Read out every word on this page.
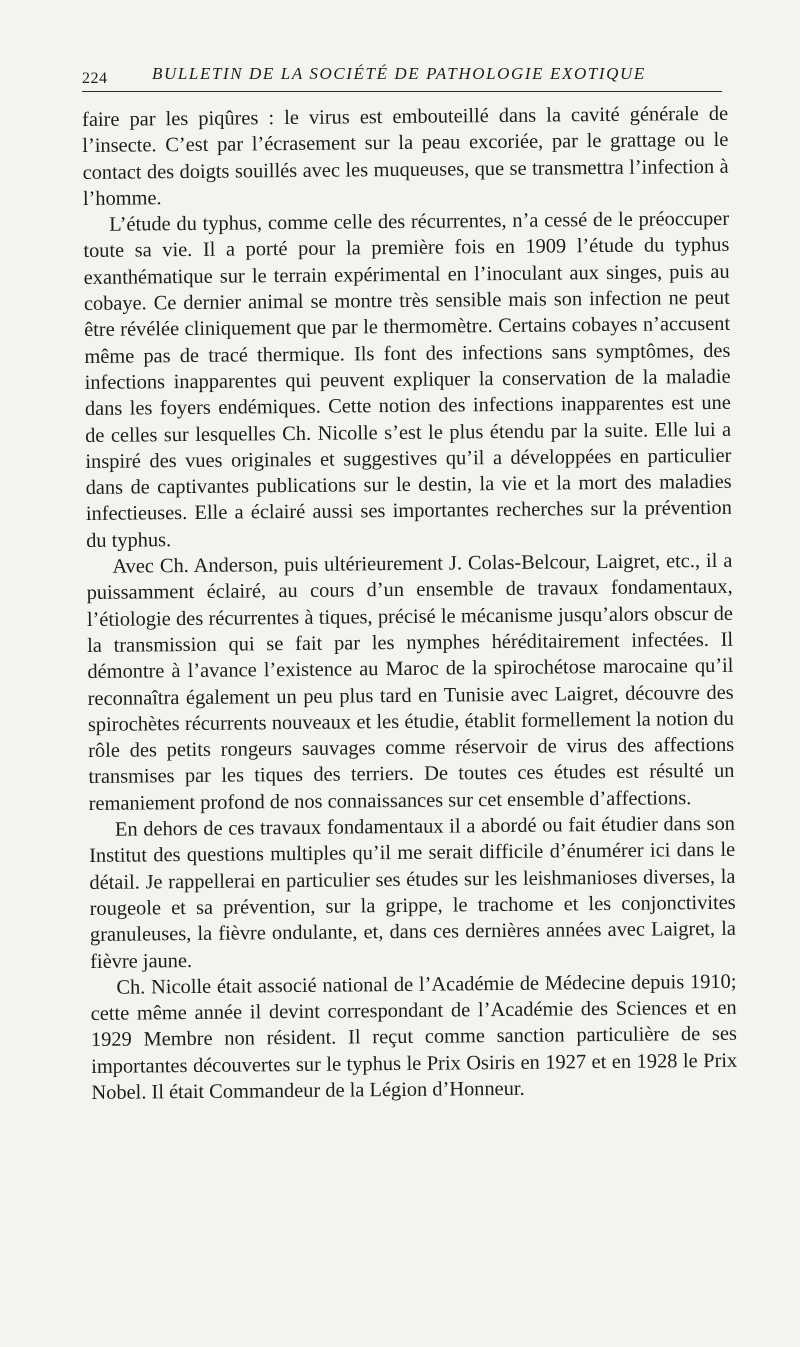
224	BULLETIN DE LA SOCIÉTÉ DE PATHOLOGIE EXOTIQUE

faire par les piqûres : le virus est embouteillé dans la cavité générale de l’insecte. C’est par l’écrasement sur la peau excoriée, par le grattage ou le contact des doigts souillés avec les muqueuses, que se transmettra l’infection à l’homme.

L’étude du typhus, comme celle des récurrentes, n’a cessé de le préoccuper toute sa vie. Il a porté pour la première fois en 1909 l’étude du typhus exanthématique sur le terrain expérimental en l’inoculant aux singes, puis au cobaye. Ce dernier animal se montre très sensible mais son infection ne peut être révélée cliniquement que par le thermomètre. Certains cobayes n’accusent même pas de tracé thermique. Ils font des infections sans symptômes, des infections inapparentes qui peuvent expliquer la conservation de la maladie dans les foyers endémiques. Cette notion des infections inapparentes est une de celles sur lesquelles Ch. Nicolle s’est le plus étendu par la suite. Elle lui a inspiré des vues originales et suggestives qu’il a développées en particulier dans de captivantes publications sur le destin, la vie et la mort des maladies infectieuses. Elle a éclairé aussi ses importantes recherches sur la prévention du typhus.

Avec Ch. Anderson, puis ultérieurement J. Colas-Belcour, Laigret, etc., il a puissamment éclairé, au cours d’un ensemble de travaux fondamentaux, l’étiologie des récurrentes à tiques, précisé le mécanisme jusqu’alors obscur de la transmission qui se fait par les nymphes héréditairement infectées. Il démontre à l’avance l’existence au Maroc de la spirochétose marocaine qu’il reconnaîtra également un peu plus tard en Tunisie avec Laigret, découvre des spirochètes récurrents nouveaux et les étudie, établit formellement la notion du rôle des petits rongeurs sauvages comme réservoir de virus des affections transmises par les tiques des terriers. De toutes ces études est résulté un remaniement profond de nos connaissances sur cet ensemble d’affections.

En dehors de ces travaux fondamentaux il a abordé ou fait étudier dans son Institut des questions multiples qu’il me serait difficile d’énumérer ici dans le détail. Je rappellerai en particulier ses études sur les leishmanioses diverses, la rougeole et sa prévention, sur la grippe, le trachome et les conjonctivites granuleuses, la fièvre ondulante, et, dans ces dernières années avec Laigret, la fièvre jaune.

Ch. Nicolle était associé national de l’Académie de Médecine depuis 1910; cette même année il devint correspondant de l’Académie des Sciences et en 1929 Membre non résident. Il reçut comme sanction particulière de ses importantes découvertes sur le typhus le Prix Osiris en 1927 et en 1928 le Prix Nobel. Il était Commandeur de la Légion d’Honneur.
